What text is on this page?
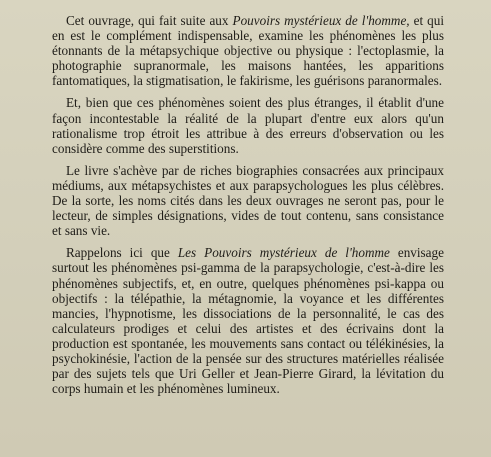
Cet ouvrage, qui fait suite aux Pouvoirs mystérieux de l'homme, et qui en est le complément indispensable, examine les phénomènes les plus étonnants de la métapsychique objective ou physique : l'ectoplasmie, la photographie supranormale, les maisons hantées, les apparitions fantomatiques, la stigmatisation, le fakirisme, les guérisons paranormales.

Et, bien que ces phénomènes soient des plus étranges, il établit d'une façon incontestable la réalité de la plupart d'entre eux alors qu'un rationalisme trop étroit les attribue à des erreurs d'observation ou les considère comme des superstitions.

Le livre s'achève par de riches biographies consacrées aux principaux médiums, aux métapsychistes et aux parapsychologues les plus célèbres. De la sorte, les noms cités dans les deux ouvrages ne seront pas, pour le lecteur, de simples désignations, vides de tout contenu, sans consistance et sans vie.

Rappelons ici que Les Pouvoirs mystérieux de l'homme envisage surtout les phénomènes psi-gamma de la parapsychologie, c'est-à-dire les phénomènes subjectifs, et, en outre, quelques phénomènes psi-kappa ou objectifs : la télépathie, la métagnomie, la voyance et les différentes mancies, l'hypnotisme, les dissociations de la personnalité, le cas des calculateurs prodiges et celui des artistes et des écrivains dont la production est spontanée, les mouvements sans contact ou télékinésies, la psychokinésie, l'action de la pensée sur des structures matérielles réalisée par des sujets tels que Uri Geller et Jean-Pierre Girard, la lévitation du corps humain et les phénomènes lumineux.
